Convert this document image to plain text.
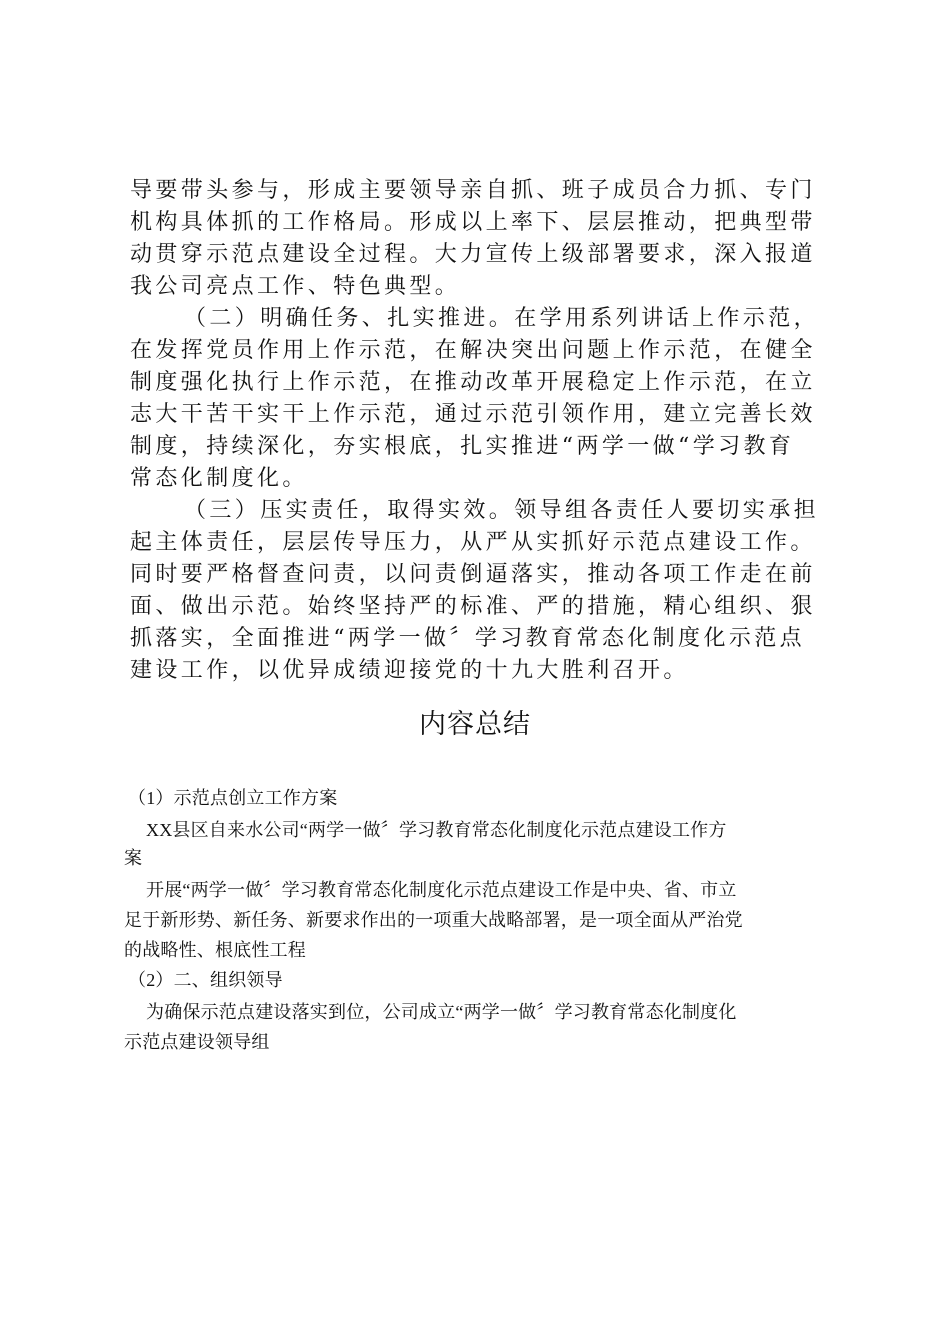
导要带头参与，形成主要领导亲自抓、班子成员合力抓、专门
机构具体抓的工作格局。形成以上率下、层层推动，把典型带
动贯穿示范点建设全过程。大力宣传上级部署要求，深入报道
我公司亮点工作、特色典型。
（二）明确任务、扎实推进。在学用系列讲话上作示范，
在发挥党员作用上作示范，在解决突出问题上作示范，在健全
制度强化执行上作示范，在推动改革开展稳定上作示范，在立
志大干苦干实干上作示范，通过示范引领作用，建立完善长效
制度，持续深化，夯实根底，扎实推进“两学一做“学习教育
常态化制度化。
（三）压实责任，取得实效。领导组各责任人要切实承担
起主体责任，层层传导压力，从严从实抓好示范点建设工作。
同时要严格督查问责，以问责倒逼落实，推动各项工作走在前
面、做出示范。始终坚持严的标准、严的措施，精心组织、狠
抓落实，全面推进“两学一做〞学习教育常态化制度化示范点
建设工作，以优异成绩迎接党的十九大胜利召开。
内容总结
（1）示范点创立工作方案
XX县区自来水公司“两学一做〞学习教育常态化制度化示范点建设工作方
案
开展“两学一做〞学习教育常态化制度化示范点建设工作是中央、省、市立
足于新形势、新任务、新要求作出的一项重大战略部署，是一项全面从严治党
的战略性、根底性工程
（2）二、组织领导
为确保示范点建设落实到位，公司成立“两学一做〞学习教育常态化制度化
示范点建设领导组
